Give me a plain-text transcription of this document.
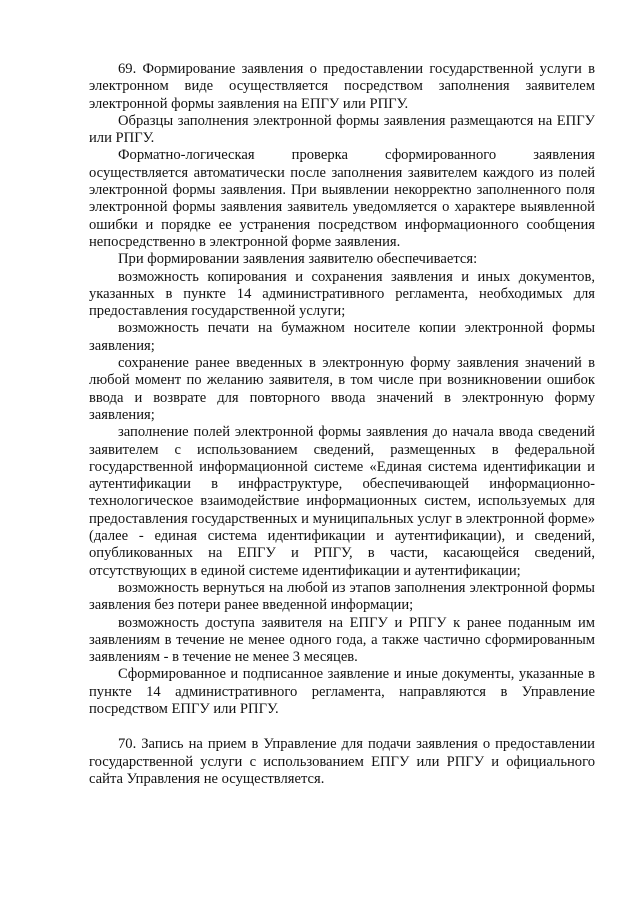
69. Формирование заявления о предоставлении государственной услуги в электронном виде осуществляется посредством заполнения заявителем электронной формы заявления на ЕПГУ или РПГУ.

Образцы заполнения электронной формы заявления размещаются на ЕПГУ или РПГУ.

Форматно-логическая проверка сформированного заявления осуществляется автоматически после заполнения заявителем каждого из полей электронной формы заявления. При выявлении некорректно заполненного поля электронной формы заявления заявитель уведомляется о характере выявленной ошибки и порядке ее устранения посредством информационного сообщения непосредственно в электронной форме заявления.

При формировании заявления заявителю обеспечивается:

возможность копирования и сохранения заявления и иных документов, указанных в пункте 14 административного регламента, необходимых для предоставления государственной услуги;

возможность печати на бумажном носителе копии электронной формы заявления;

сохранение ранее введенных в электронную форму заявления значений в любой момент по желанию заявителя, в том числе при возникновении ошибок ввода и возврате для повторного ввода значений в электронную форму заявления;

заполнение полей электронной формы заявления до начала ввода сведений заявителем с использованием сведений, размещенных в федеральной государственной информационной системе «Единая система идентификации и аутентификации в инфраструктуре, обеспечивающей информационно-технологическое взаимодействие информационных систем, используемых для предоставления государственных и муниципальных услуг в электронной форме» (далее - единая система идентификации и аутентификации), и сведений, опубликованных на ЕПГУ и РПГУ, в части, касающейся сведений, отсутствующих в единой системе идентификации и аутентификации;

возможность вернуться на любой из этапов заполнения электронной формы заявления без потери ранее введенной информации;

возможность доступа заявителя на ЕПГУ и РПГУ к ранее поданным им заявлениям в течение не менее одного года, а также частично сформированным заявлениям - в течение не менее 3 месяцев.

Сформированное и подписанное заявление и иные документы, указанные в пункте 14 административного регламента, направляются в Управление посредством ЕПГУ или РПГУ.

70. Запись на прием в Управление для подачи заявления о предоставлении государственной услуги с использованием ЕПГУ или РПГУ и официального сайта Управления не осуществляется.
